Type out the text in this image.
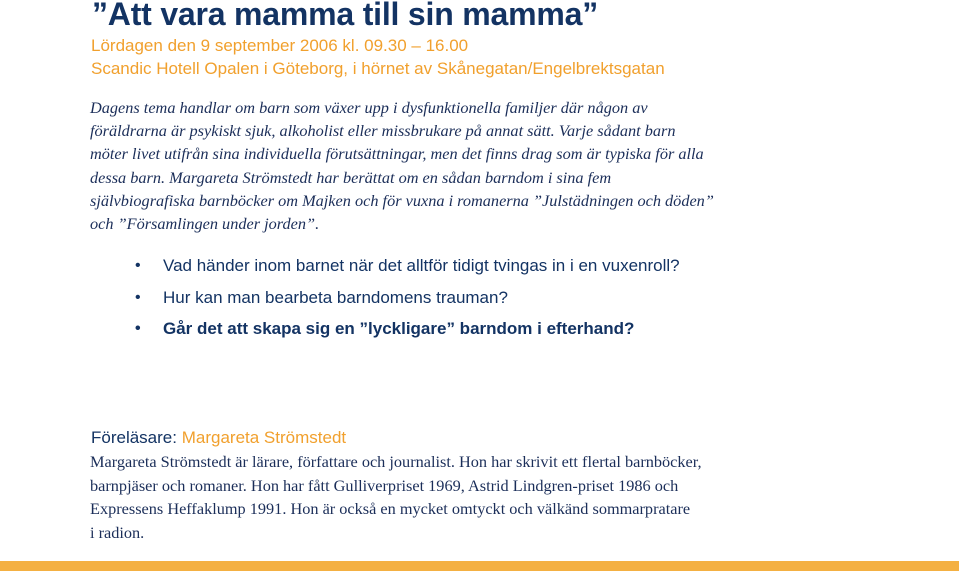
”Att vara mamma till sin mamma”

Lördagen den 9 september 2006 kl. 09.30 – 16.00

Scandic Hotell Opalen i Göteborg, i hörnet av Skånegatan/Engelbrektsgatan

Dagens tema handlar om barn som växer upp i dysfunktionella familjer där någon av
föräldrarna är psykiskt sjuk, alkoholist eller missbrukare på annat sätt. Varje sådant barn
möter livet utifrån sina individuella förutsättningar, men det finns drag som är typiska för alla
dessa barn. Margareta Strömstedt har berättat om en sådan barndom i sina fem
självbiografiska barnböcker om Majken och för vuxna i romanerna ”Julstädningen och döden”
och ”Församlingen under jorden”.
• Vad händer inom barnet när det alltför tidigt tvingas in i en vuxenroll?
• Hur kan man bearbeta barndomens trauman?
• Går det att skapa sig en ”lyckligare” barndom i efterhand?

Föreläsare: Margareta Strömstedt

Margareta Strömstedt är lärare, författare och journalist. Hon har skrivit ett flertal barnböcker,
barnpjäser och romaner. Hon har fått Gulliverpriset 1969, Astrid Lindgren-priset 1986 och
Expressens Heffaklump 1991. Hon är också en mycket omtyckt och välkänd sommarpratare
i radion.
